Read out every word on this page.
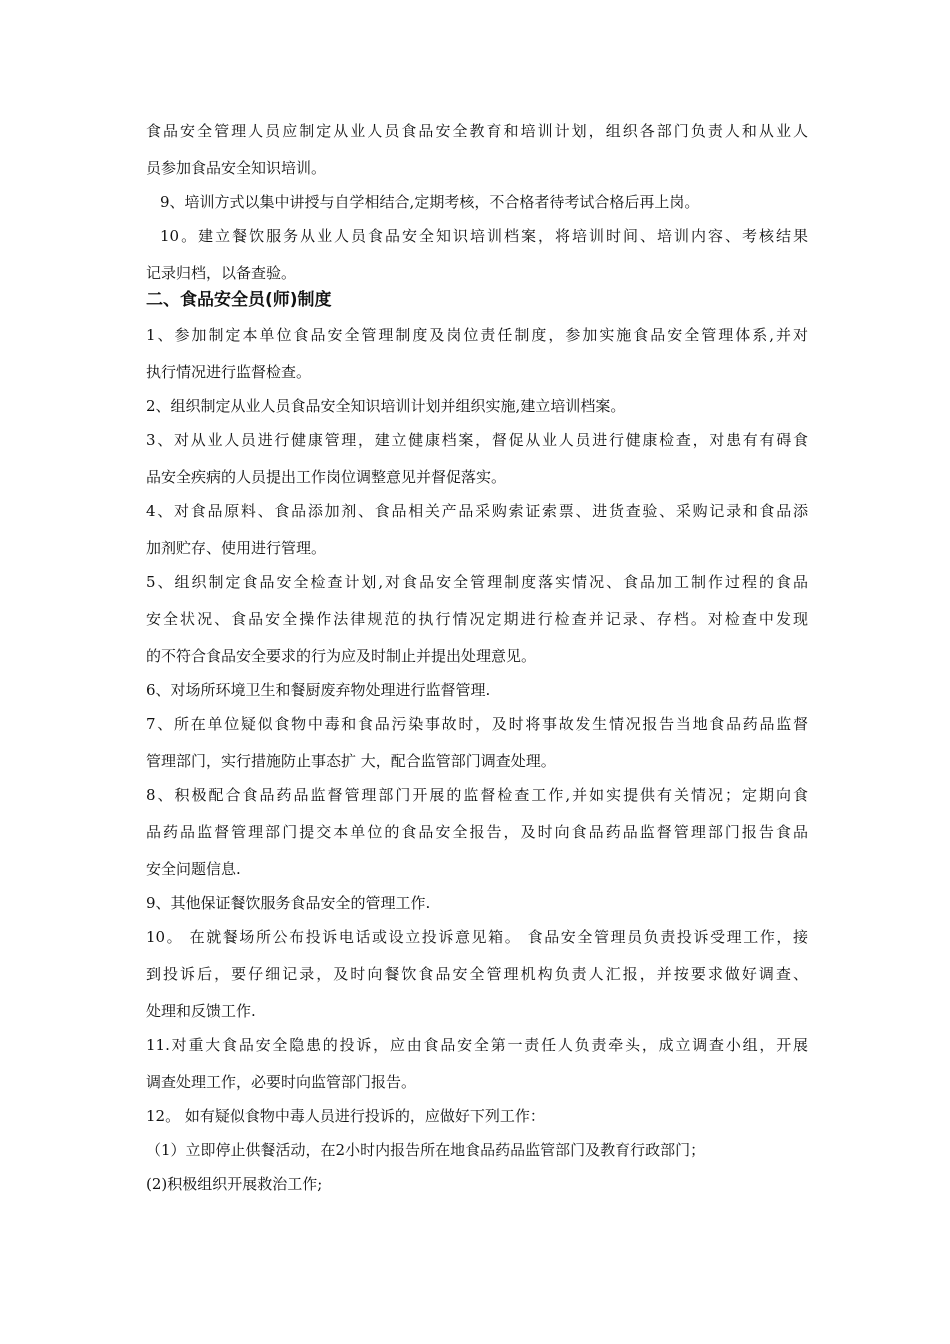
食品安全管理人员应制定从业人员食品安全教育和培训计划，组织各部门负责人和从业人
员参加食品安全知识培训。
9、培训方式以集中讲授与自学相结合,定期考核，不合格者待考试合格后再上岗。
10。建立餐饮服务从业人员食品安全知识培训档案，将培训时间、培训内容、考核结果
记录归档，以备查验。
二、食品安全员(师)制度
1、参加制定本单位食品安全管理制度及岗位责任制度，参加实施食品安全管理体系,并对
执行情况进行监督检查。
2、组织制定从业人员食品安全知识培训计划并组织实施,建立培训档案。
3、对从业人员进行健康管理，建立健康档案，督促从业人员进行健康检查，对患有有碍食
品安全疾病的人员提出工作岗位调整意见并督促落实。
4、对食品原料、食品添加剂、食品相关产品采购索证索票、进货查验、采购记录和食品添
加剂贮存、使用进行管理。
5、组织制定食品安全检查计划,对食品安全管理制度落实情况、食品加工制作过程的食品
安全状况、食品安全操作法律规范的执行情况定期进行检查并记录、存档。对检查中发现
的不符合食品安全要求的行为应及时制止并提出处理意见。
6、对场所环境卫生和餐厨废弃物处理进行监督管理.
7、所在单位疑似食物中毒和食品污染事故时，及时将事故发生情况报告当地食品药品监督
管理部门，实行措施防止事态扩 大，配合监管部门调查处理。
8、积极配合食品药品监督管理部门开展的监督检查工作,并如实提供有关情况；定期向食
品药品监督管理部门提交本单位的食品安全报告，及时向食品药品监督管理部门报告食品
安全问题信息.
9、其他保证餐饮服务食品安全的管理工作.
10。 在就餐场所公布投诉电话或设立投诉意见箱。 食品安全管理员负责投诉受理工作，接
到投诉后，要仔细记录，及时向餐饮食品安全管理机构负责人汇报，并按要求做好调查、
处理和反馈工作.
11.对重大食品安全隐患的投诉，应由食品安全第一责任人负责牵头，成立调查小组，开展
调查处理工作，必要时向监管部门报告。
12。 如有疑似食物中毒人员进行投诉的，应做好下列工作：
（1）立即停止供餐活动，在2小时内报告所在地食品药品监管部门及教育行政部门；
(2)积极组织开展救治工作;
